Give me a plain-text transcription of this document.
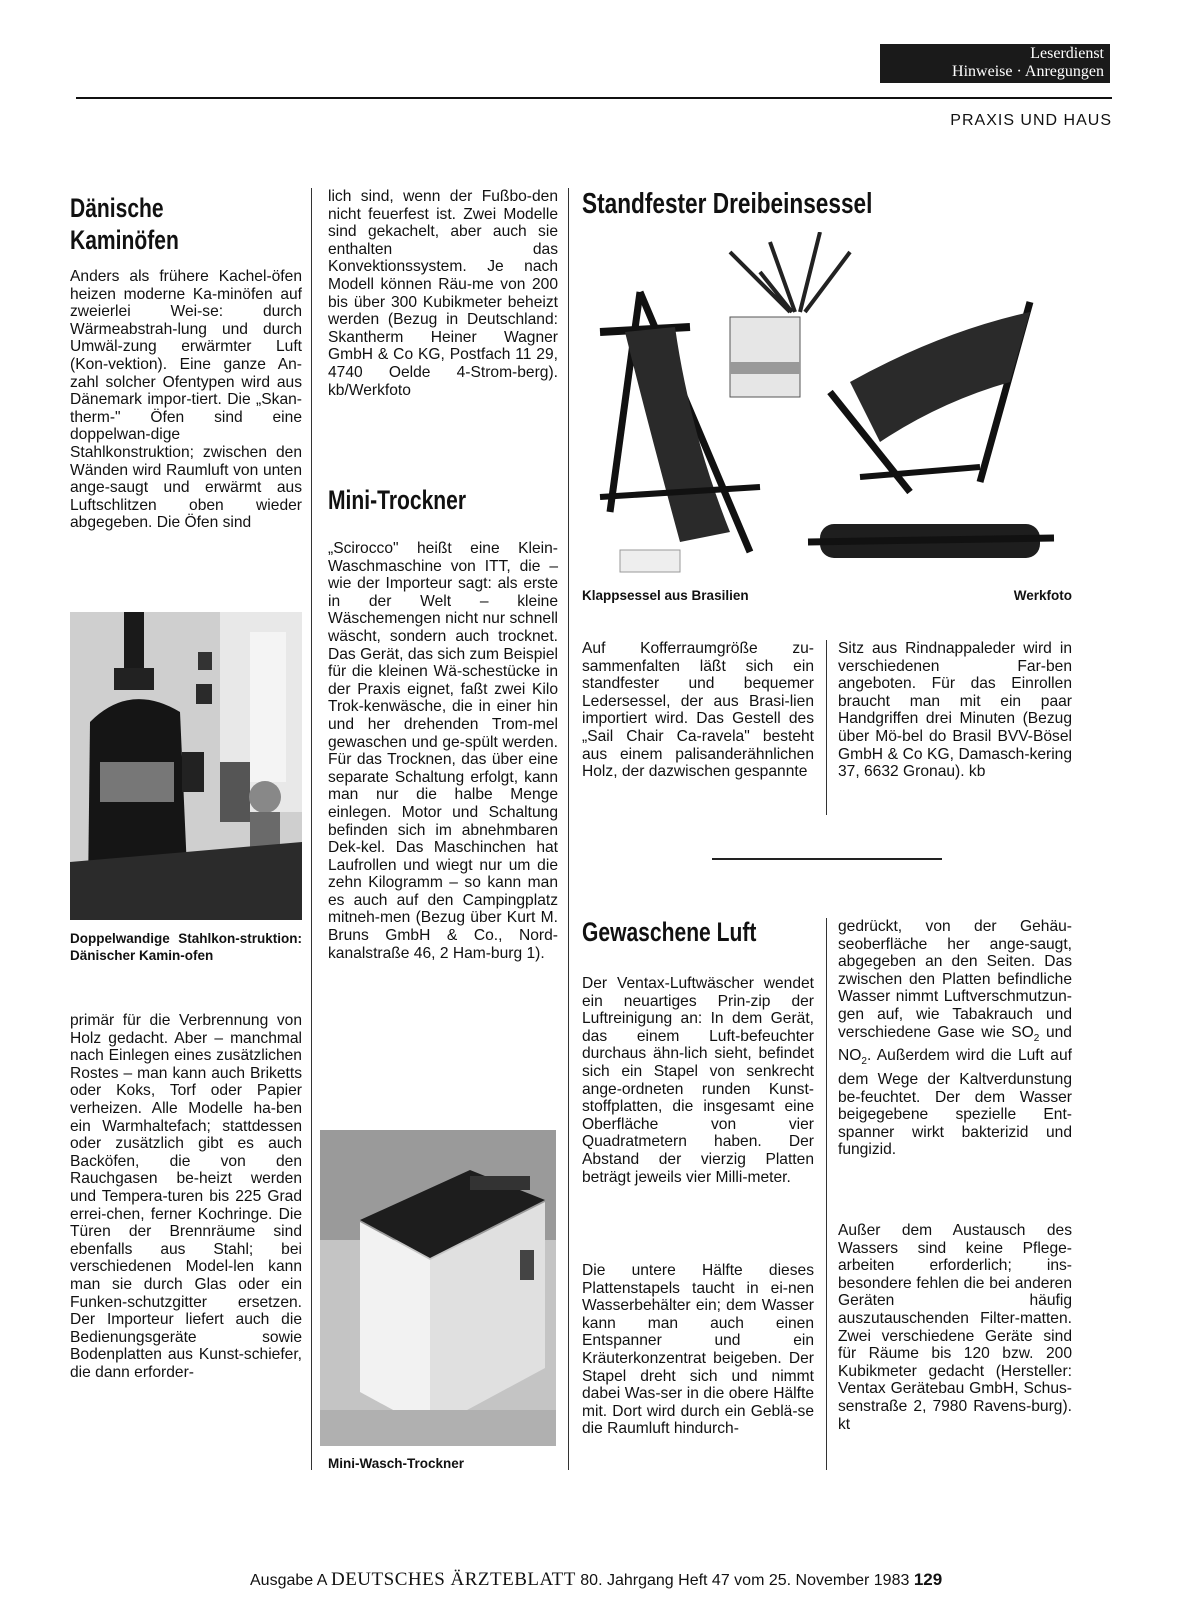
Leserdienst
Hinweise · Anregungen
PRAXIS UND HAUS
Dänische
Kaminöfen
Anders als frühere Kachel-öfen heizen moderne Ka-minöfen auf zweierlei Wei-se: durch Wärmeabstrah-lung und durch Umwäl-zung erwärmter Luft (Kon-vektion). Eine ganze An-zahl solcher Ofentypen wird aus Dänemark impor-tiert. Die „Skan-therm-" Öfen sind eine doppelwan-dige Stahlkonstruktion; zwischen den Wänden wird Raumluft von unten ange-saugt und erwärmt aus Luftschlitzen oben wieder abgegeben. Die Öfen sind
Doppelwandige Stahlkon-struktion: Dänischer Kamin-ofen
primär für die Verbrennung von Holz gedacht. Aber – manchmal nach Einlegen eines zusätzlichen Rostes – man kann auch Briketts oder Koks, Torf oder Papier verheizen. Alle Modelle ha-ben ein Warmhaltefach; stattdessen oder zusätzlich gibt es auch Backöfen, die von den Rauchgasen be-heizt werden und Tempera-turen bis 225 Grad errei-chen, ferner Kochringe. Die Türen der Brennräume sind ebenfalls aus Stahl; bei verschiedenen Model-len kann man sie durch Glas oder ein Funken-schutzgitter ersetzen. Der Importeur liefert auch die Bedienungsgeräte sowie Bodenplatten aus Kunst-schiefer, die dann erforder-
lich sind, wenn der Fußbo-den nicht feuerfest ist. Zwei Modelle sind gekachelt, aber auch sie enthalten das Konvektionssystem. Je nach Modell können Räu-me von 200 bis über 300 Kubikmeter beheizt werden (Bezug in Deutschland: Skantherm Heiner Wagner GmbH & Co KG, Postfach 11 29, 4740 Oelde 4-Strom-berg). kb/Werkfoto
Mini-Trockner
„Scirocco" heißt eine Klein-Waschmaschine von ITT, die – wie der Importeur sagt: als erste in der Welt – kleine Wäschemengen nicht nur schnell wäscht, sondern auch trocknet. Das Gerät, das sich zum Beispiel für die kleinen Wä-schestücke in der Praxis eignet, faßt zwei Kilo Trok-kenwäsche, die in einer hin und her drehenden Trom-mel gewaschen und ge-spült werden. Für das Trocknen, das über eine separate Schaltung erfolgt, kann man nur die halbe Menge einlegen. Motor und Schaltung befinden sich im abnehmbaren Dek-kel. Das Maschinchen hat Laufrollen und wiegt nur um die zehn Kilogramm – so kann man es auch auf den Campingplatz mitneh-men (Bezug über Kurt M. Bruns GmbH & Co., Nord-kanalstraße 46, 2 Ham-burg 1).
Mini-Wasch-Trockner
Standfester Dreibeinsessel
Klappsessel aus Brasilien	Werkfoto
Auf Kofferraumgröße zu-sammenfalten läßt sich ein standfester und bequemer Ledersessel, der aus Brasi-lien importiert wird. Das Gestell des „Sail Chair Ca-ravela" besteht aus einem palisanderähnlichen Holz, der dazwischen gespannte
Sitz aus Rindnappaleder wird in verschiedenen Far-ben angeboten. Für das Einrollen braucht man mit ein paar Handgriffen drei Minuten (Bezug über Mö-bel do Brasil BVV-Bösel GmbH & Co KG, Damasch-kering 37, 6632 Gronau). kb
Gewaschene Luft
Der Ventax-Luftwäscher wendet ein neuartiges Prin-zip der Luftreinigung an: In dem Gerät, das einem Luft-befeuchter durchaus ähn-lich sieht, befindet sich ein Stapel von senkrecht ange-ordneten runden Kunst-stoffplatten, die insgesamt eine Oberfläche von vier Quadratmetern haben. Der Abstand der vierzig Platten beträgt jeweils vier Milli-meter.
Die untere Hälfte dieses Plattenstapels taucht in ei-nen Wasserbehälter ein; dem Wasser kann man auch einen Entspanner und ein Kräuterkonzentrat beigeben. Der Stapel dreht sich und nimmt dabei Was-ser in die obere Hälfte mit. Dort wird durch ein Geblä-se die Raumluft hindurch-
gedrückt, von der Gehäu-seoberfläche her ange-saugt, abgegeben an den Seiten. Das zwischen den Platten befindliche Wasser nimmt Luftverschmutzun-gen auf, wie Tabakrauch und verschiedene Gase wie $SO_2$ und $NO_2$. Außerdem wird die Luft auf dem Wege der Kaltverdunstung be-feuchtet. Der dem Wasser beigegebene spezielle Ent-spanner wirkt bakterizid und fungizid.
Außer dem Austausch des Wassers sind keine Pflege-arbeiten erforderlich; ins-besondere fehlen die bei anderen Geräten häufig auszutauschenden Filter-matten. Zwei verschiedene Geräte sind für Räume bis 120 bzw. 200 Kubikmeter gedacht (Hersteller: Ventax Gerätebau GmbH, Schus-senstraße 2, 7980 Ravens-burg). kt
Ausgabe A DEUTSCHES ÄRZTEBLATT 80. Jahrgang Heft 47 vom 25. November 1983 129
